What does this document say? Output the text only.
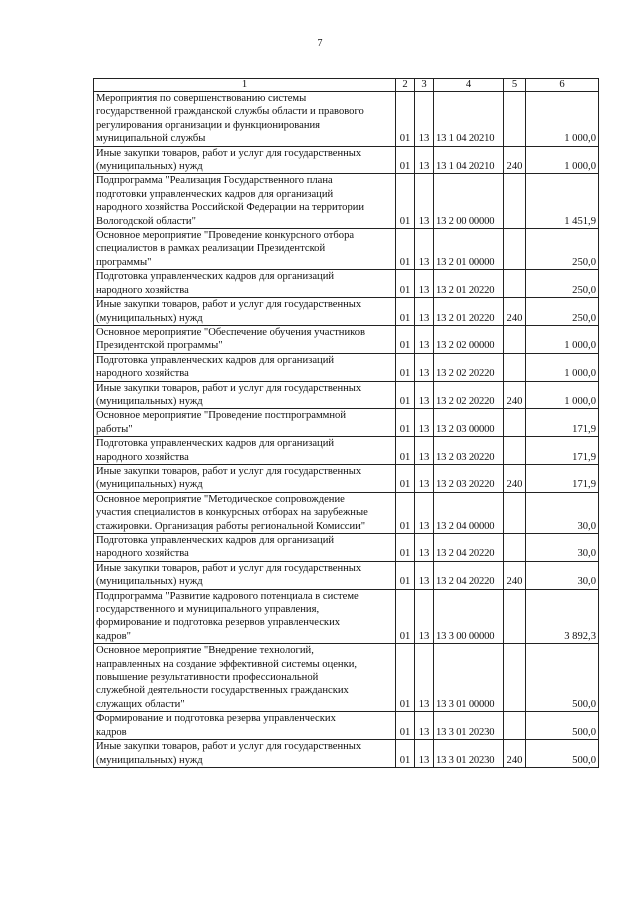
7
1	2	3	4	5	6
Мероприятия по совершенствованию системы
государственной гражданской службы области и правового
регулирования организации и функционирования
муниципальной службы	01	13	13 1 04 20210		1 000,0
Иные закупки товаров, работ и услуг для государственных
(муниципальных) нужд	01	13	13 1 04 20210	240	1 000,0
Подпрограмма "Реализация Государственного плана
подготовки управленческих кадров для организаций
народного хозяйства Российской Федерации на территории
Вологодской области"	01	13	13 2 00 00000		1 451,9
Основное мероприятие "Проведение конкурсного отбора
специалистов в рамках реализации Президентской
программы"	01	13	13 2 01 00000		250,0
Подготовка управленческих кадров для организаций
народного хозяйства	01	13	13 2 01 20220		250,0
Иные закупки товаров, работ и услуг для государственных
(муниципальных) нужд	01	13	13 2 01 20220	240	250,0
Основное мероприятие "Обеспечение обучения участников
Президентской программы"	01	13	13 2 02 00000		1 000,0
Подготовка управленческих кадров для организаций
народного хозяйства	01	13	13 2 02 20220		1 000,0
Иные закупки товаров, работ и услуг для государственных
(муниципальных) нужд	01	13	13 2 02 20220	240	1 000,0
Основное мероприятие "Проведение постпрограммной
работы"	01	13	13 2 03 00000		171,9
Подготовка управленческих кадров для организаций
народного хозяйства	01	13	13 2 03 20220		171,9
Иные закупки товаров, работ и услуг для государственных
(муниципальных) нужд	01	13	13 2 03 20220	240	171,9
Основное мероприятие "Методическое сопровождение
участия специалистов в конкурсных отборах на зарубежные
стажировки. Организация работы региональной Комиссии"	01	13	13 2 04 00000		30,0
Подготовка управленческих кадров для организаций
народного хозяйства	01	13	13 2 04 20220		30,0
Иные закупки товаров, работ и услуг для государственных
(муниципальных) нужд	01	13	13 2 04 20220	240	30,0
Подпрограмма "Развитие кадрового потенциала в системе
государственного и муниципального управления,
формирование и подготовка резервов управленческих
кадров"	01	13	13 3 00 00000		3 892,3
Основное мероприятие "Внедрение технологий,
направленных на создание эффективной системы оценки,
повышение результативности профессиональной
служебной деятельности государственных гражданских
служащих области"	01	13	13 3 01 00000		500,0
Формирование и подготовка резерва управленческих
кадров	01	13	13 3 01 20230		500,0
Иные закупки товаров, работ и услуг для государственных
(муниципальных) нужд	01	13	13 3 01 20230	240	500,0
